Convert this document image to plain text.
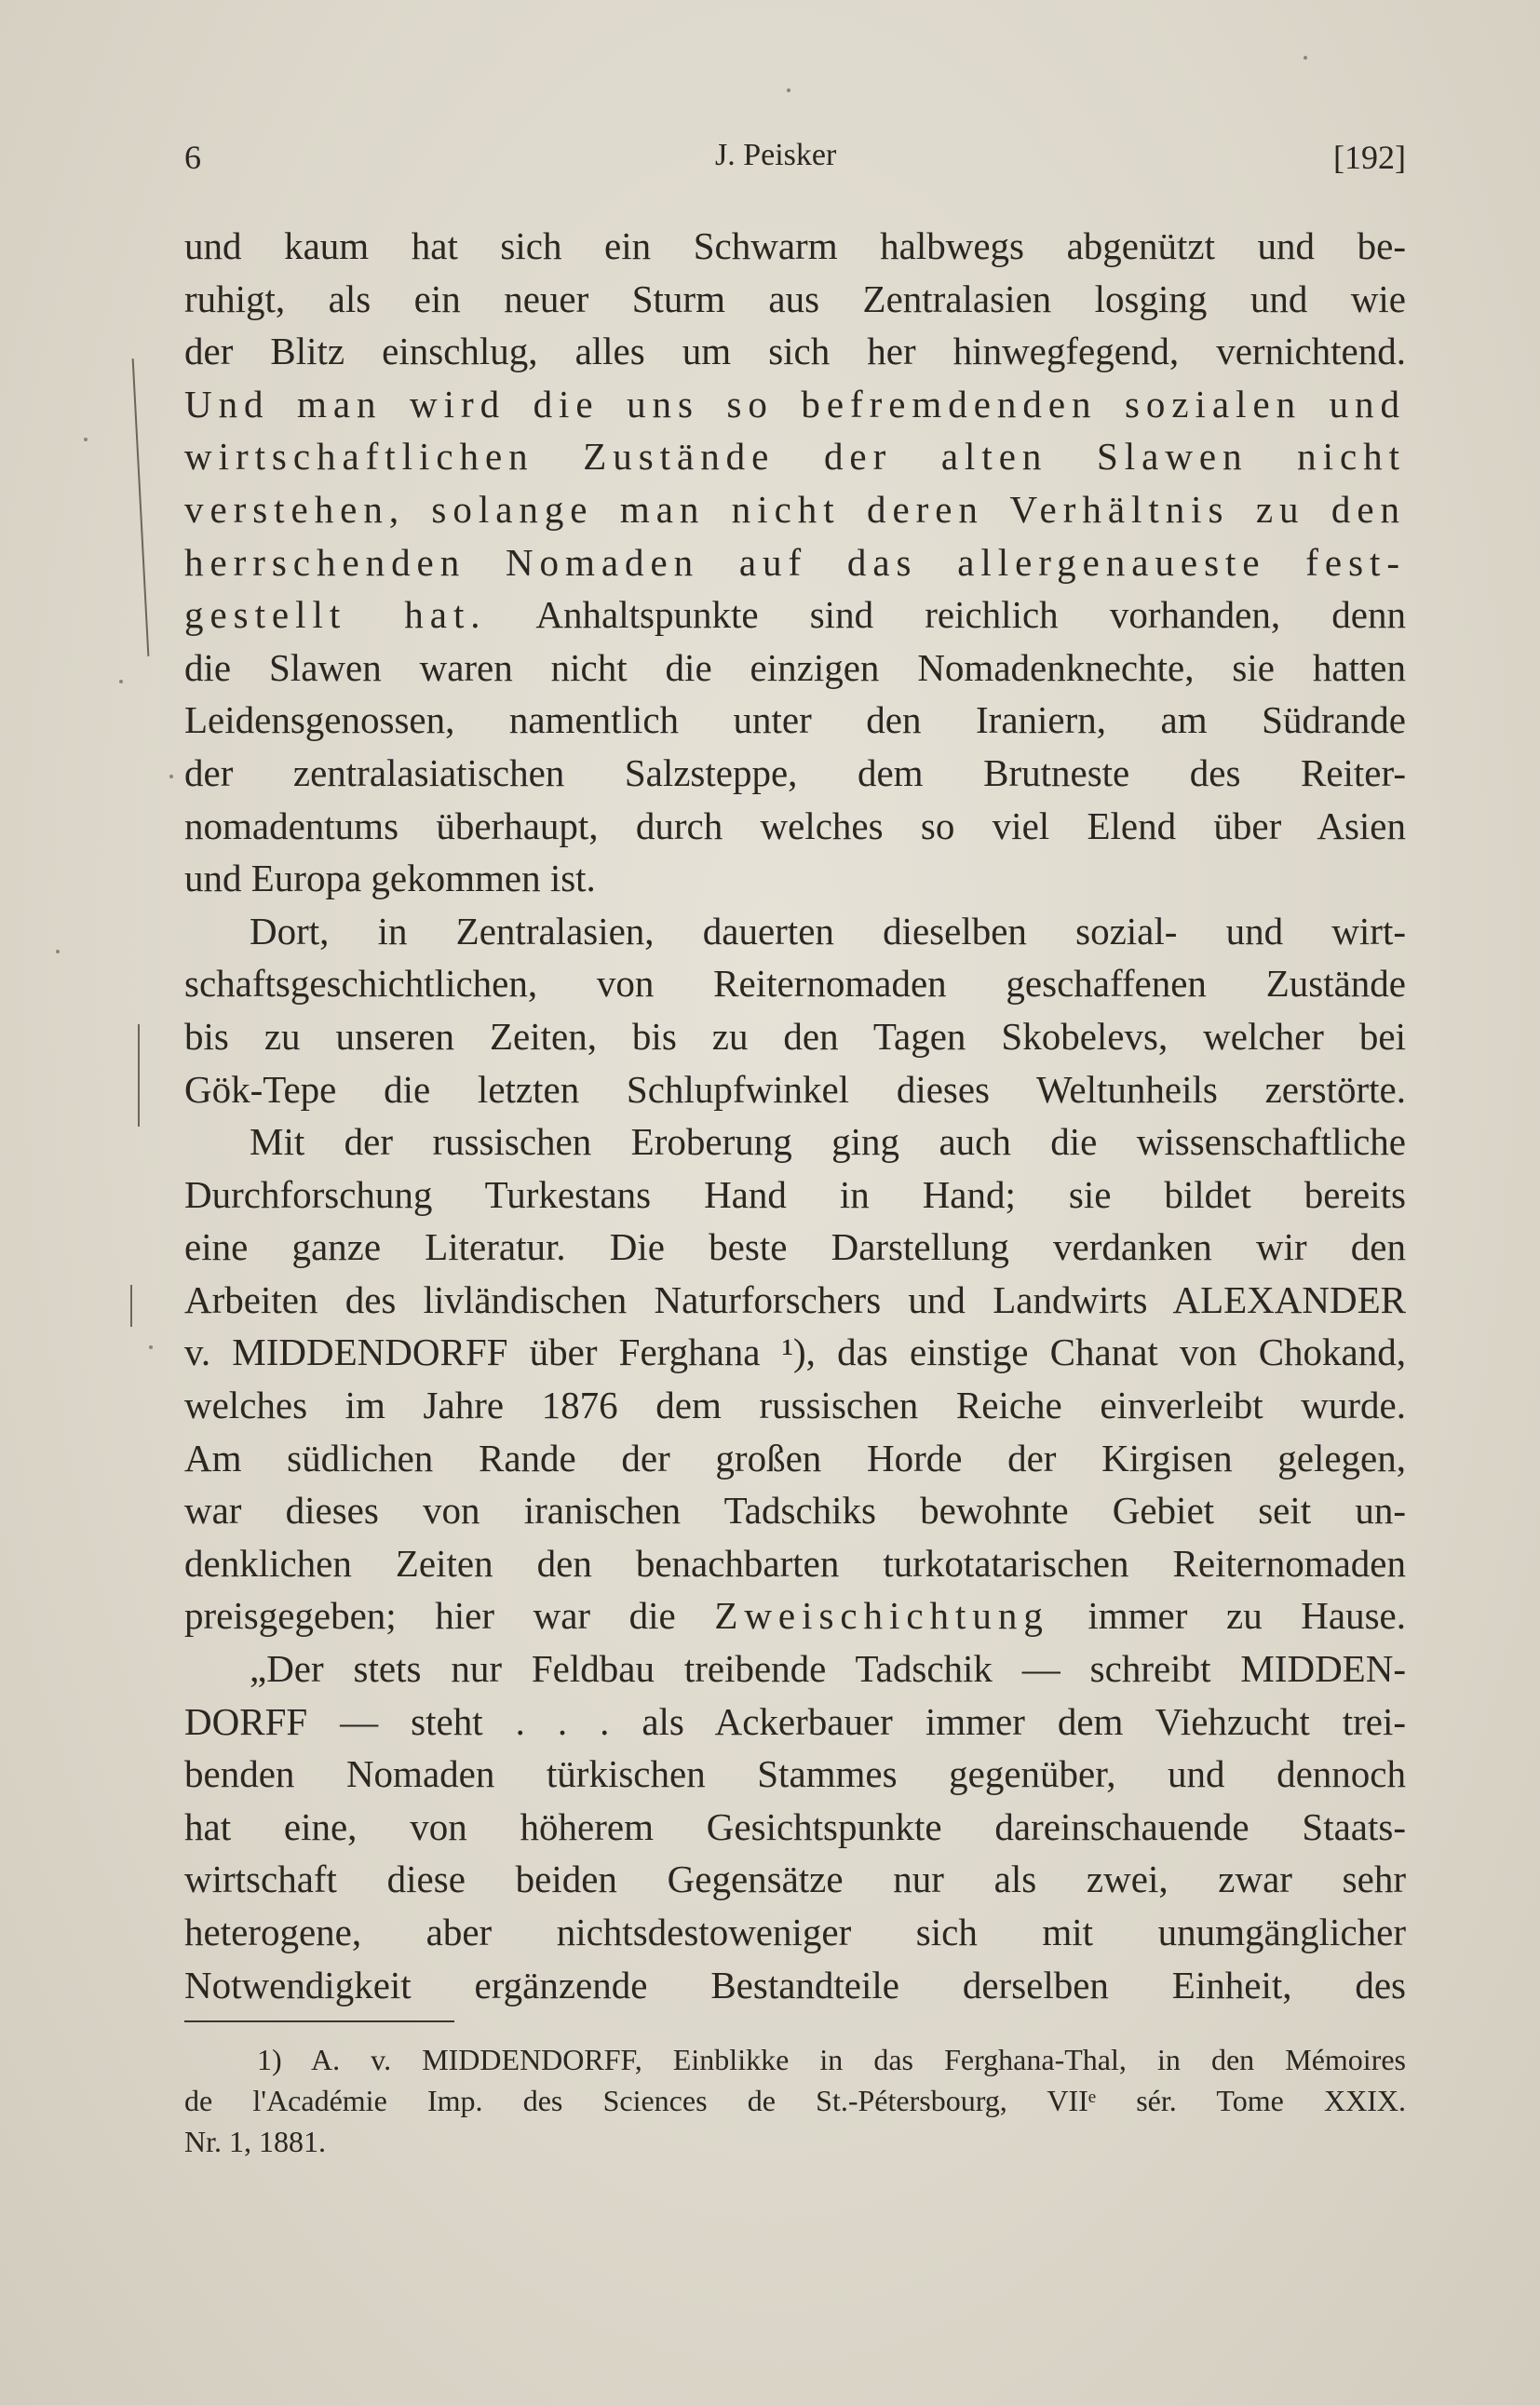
6	J. Peisker	[192]
und kaum hat sich ein Schwarm halbwegs abgenützt und be-
ruhigt, als ein neuer Sturm aus Zentralasien losging und wie
der Blitz einschlug, alles um sich her hinwegfegend, vernichtend.
Und man wird die uns so befremdenden sozialen und
wirtschaftlichen Zustände der alten Slawen nicht
verstehen, solange man nicht deren Verhältnis zu den
herrschenden Nomaden auf das allergenaueste fest-
gestellt hat. Anhaltspunkte sind reichlich vorhanden, denn
die Slawen waren nicht die einzigen Nomadenknechte, sie hatten
Leidensgenossen, namentlich unter den Iraniern, am Südrande
der zentralasiatischen Salzsteppe, dem Brutneste des Reiter-
nomadentums überhaupt, durch welches so viel Elend über Asien
und Europa gekommen ist.
Dort, in Zentralasien, dauerten dieselben sozial- und wirt-
schaftsgeschichtlichen, von Reiternomaden geschaffenen Zustände
bis zu unseren Zeiten, bis zu den Tagen Skobelevs, welcher bei
Gök-Tepe die letzten Schlupfwinkel dieses Weltunheils zerstörte.
Mit der russischen Eroberung ging auch die wissenschaftliche
Durchforschung Turkestans Hand in Hand; sie bildet bereits
eine ganze Literatur. Die beste Darstellung verdanken wir den
Arbeiten des livländischen Naturforschers und Landwirts ALEXANDER
v. MIDDENDORFF über Ferghana ¹), das einstige Chanat von Chokand,
welches im Jahre 1876 dem russischen Reiche einverleibt wurde.
Am südlichen Rande der großen Horde der Kirgisen gelegen,
war dieses von iranischen Tadschiks bewohnte Gebiet seit un-
denklichen Zeiten den benachbarten turkotatarischen Reiternomaden
preisgegeben; hier war die Zweischichtung immer zu Hause.
„Der stets nur Feldbau treibende Tadschik — schreibt MIDDEN-
DORFF — steht . . . als Ackerbauer immer dem Viehzucht trei-
benden Nomaden türkischen Stammes gegenüber, und dennoch
hat eine, von höherem Gesichtspunkte dareinschauende Staats-
wirtschaft diese beiden Gegensätze nur als zwei, zwar sehr
heterogene, aber nichtsdestoweniger sich mit unumgänglicher
Notwendigkeit ergänzende Bestandteile derselben Einheit, des
1) A. v. MIDDENDORFF, Einblikke in das Ferghana-Thal, in den Mémoires
de l'Académie Imp. des Sciences de St.-Pétersbourg, VIIᵉ sér. Tome XXIX.
Nr. 1, 1881.
